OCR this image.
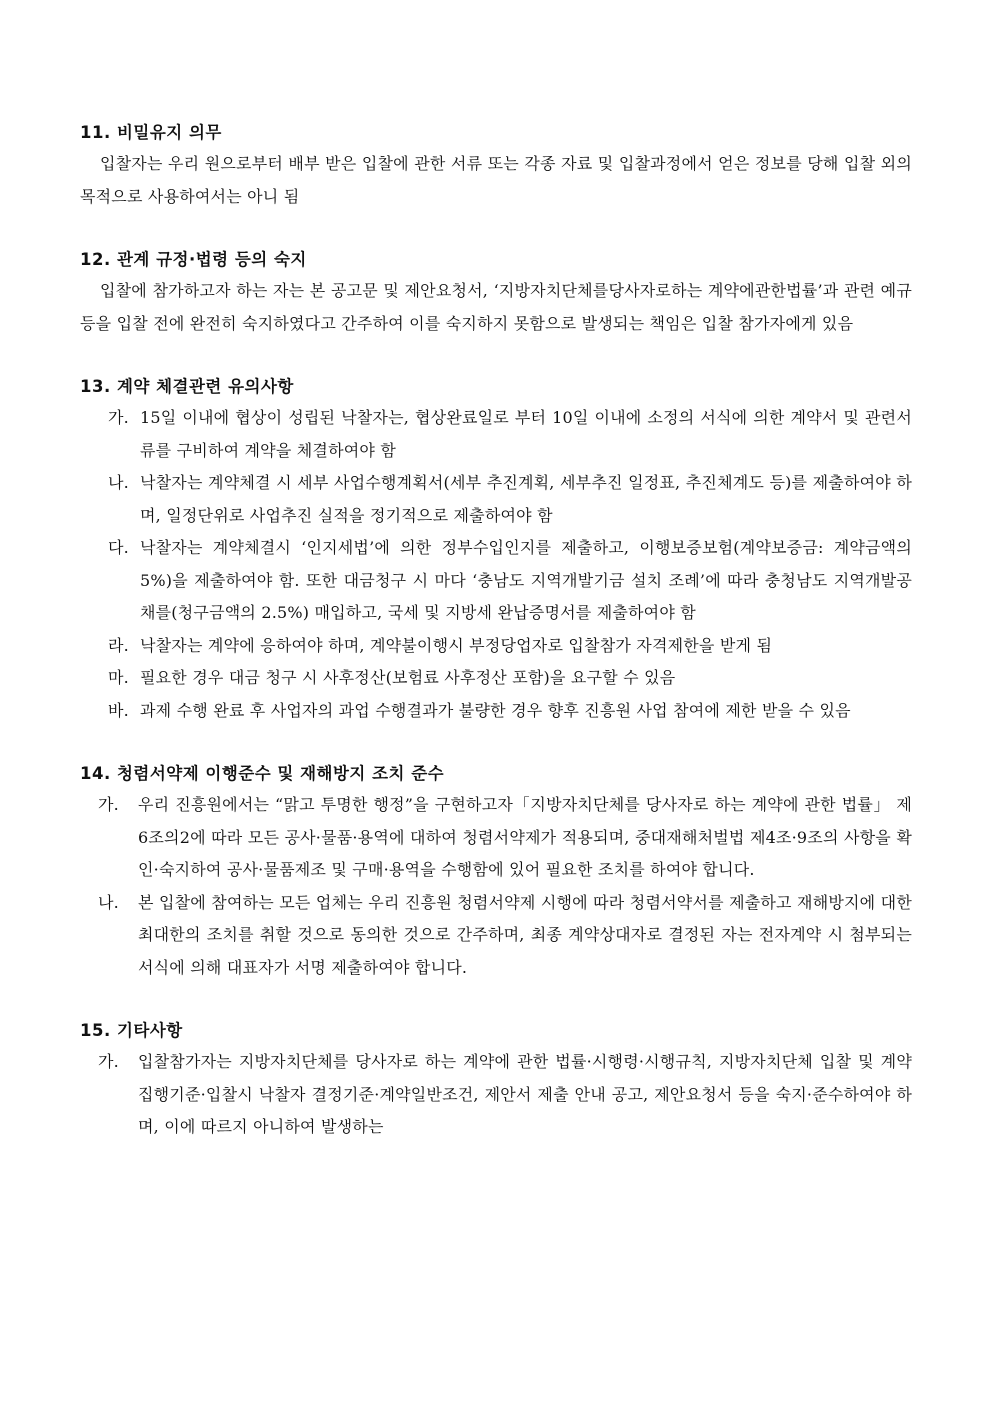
11. 비밀유지 의무

입찰자는 우리 원으로부터 배부 받은 입찰에 관한 서류 또는 각종 자료 및 입찰과정에서 얻은 정보를 당해 입찰 외의 목적으로 사용하여서는 아니 됨

12. 관계 규정·법령 등의 숙지

입찰에 참가하고자 하는 자는 본 공고문 및 제안요청서, ‘지방자치단체를당사자로하는 계약에관한법률’과 관련 예규 등을 입찰 전에 완전히 숙지하였다고 간주하여 이를 숙지하지 못함으로 발생되는 책임은 입찰 참가자에게 있음

13. 계약 체결관련 유의사항
가. 15일 이내에 협상이 성립된 낙찰자는, 협상완료일로 부터 10일 이내에 소정의 서식에 의한 계약서 및 관련서류를 구비하여 계약을 체결하여야 함
나. 낙찰자는 계약체결 시 세부 사업수행계획서(세부 추진계획, 세부추진 일정표, 추진체계도 등)를 제출하여야 하며, 일정단위로 사업추진 실적을 정기적으로 제출하여야 함
다. 낙찰자는 계약체결시 ‘인지세법’에 의한 정부수입인지를 제출하고, 이행보증보험(계약보증금: 계약금액의 5%)을 제출하여야 함. 또한 대금청구 시 마다 ‘충남도 지역개발기금 설치 조례’에 따라 충청남도 지역개발공채를(청구금액의 2.5%) 매입하고, 국세 및 지방세 완납증명서를 제출하여야 함
라. 낙찰자는 계약에 응하여야 하며, 계약불이행시 부정당업자로 입찰참가 자격제한을 받게 됨
마. 필요한 경우 대금 청구 시 사후정산(보험료 사후정산 포함)을 요구할 수 있음
바. 과제 수행 완료 후 사업자의 과업 수행결과가 불량한 경우 향후 진흥원 사업 참여에 제한 받을 수 있음
14. 청렴서약제 이행준수 및 재해방지 조치 준수
가.	우리 진흥원에서는 “맑고 투명한 행정”을 구현하고자「지방자치단체를 당사자로 하는 계약에 관한 법률」 제6조의2에 따라 모든 공사·물품·용역에 대하여 청렴서약제가 적용되며, 중대재해처벌법 제4조·9조의 사항을 확인·숙지하여 공사·물품제조 및 구매·용역을 수행함에 있어 필요한 조치를 하여야 합니다.
나.	본 입찰에 참여하는 모든 업체는 우리 진흥원 청렴서약제 시행에 따라 청렴서약서를 제출하고 재해방지에 대한 최대한의 조치를 취할 것으로 동의한 것으로 간주하며, 최종 계약상대자로 결정된 자는 전자계약 시 첨부되는 서식에 의해 대표자가 서명 제출하여야 합니다.
15. 기타사항
가.	입찰참가자는 지방자치단체를 당사자로 하는 계약에 관한 법률·시행령·시행규칙, 지방자치단체 입찰 및 계약 집행기준·입찰시 낙찰자 결정기준·계약일반조건, 제안서 제출 안내 공고, 제안요청서 등을 숙지·준수하여야 하며, 이에 따르지 아니하여 발생하는
